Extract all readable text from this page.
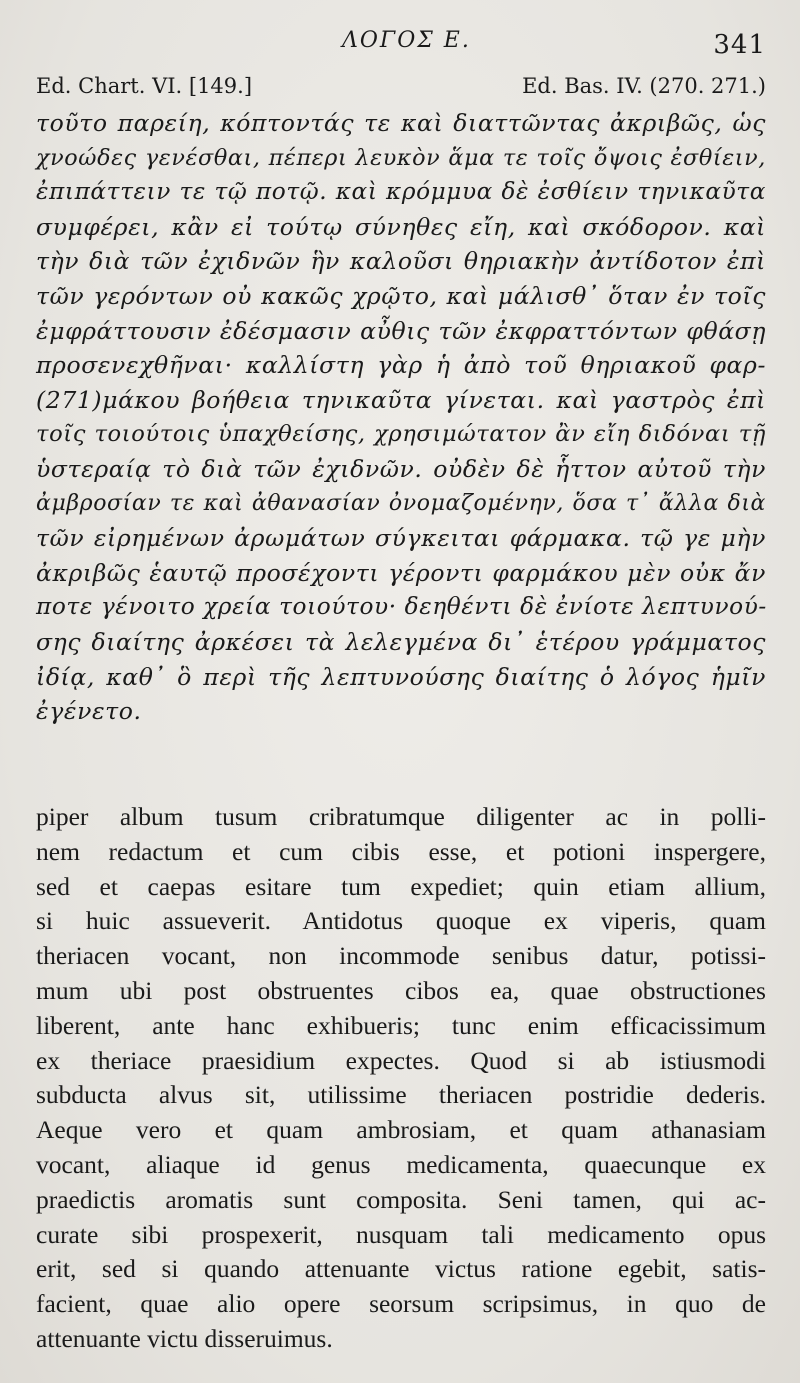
ΛΟΓΟΣ Ε.	341
Ed. Chart. VI. [149.]	Ed. Bas. IV. (270. 271.)
τοῦτο παρείη, κόπτοντάς τε καὶ διαττῶντας ἀκριβῶς, ὡς
χνοώδες γενέσθαι, πέπερι λευκὸν ἅμα τε τοῖς ὄψοις ἐσθίειν,
ἐπιπάττειν τε τῷ ποτῷ. καὶ κρόμμυα δὲ ἐσθίειν τηνικαῦτα
συμφέρει, κἂν εἰ τούτῳ σύνηθες εἴη, καὶ σκόδορον. καὶ
τὴν διὰ τῶν ἐχιδνῶν ἣν καλοῦσι θηριακὴν ἀντίδοτον ἐπὶ
τῶν γερόντων οὐ κακῶς χρῷτο, καὶ μάλισθ᾽ ὅταν ἐν τοῖς
ἐμφράττουσιν ἐδέσμασιν αὖθις τῶν ἐκφραττόντων φθάσῃ
προσενεχθῆναι· καλλίστη γὰρ ἡ ἀπὸ τοῦ θηριακοῦ φαρ-
(271)μάκου βοήθεια τηνικαῦτα γίνεται. καὶ γαστρὸς ἐπὶ
τοῖς τοιούτοις ὑπαχθείσης, χρησιμώτατον ἂν εἴη διδόναι τῇ
ὑστεραίᾳ τὸ διὰ τῶν ἐχιδνῶν. οὐδὲν δὲ ἧττον αὐτοῦ τὴν
ἀμβροσίαν τε καὶ ἀθανασίαν ὀνομαζομένην, ὅσα τ᾽ ἄλλα διὰ
τῶν εἰρημένων ἀρωμάτων σύγκειται φάρμακα. τῷ γε μὴν
ἀκριβῶς ἑαυτῷ προσέχοντι γέροντι φαρμάκου μὲν οὐκ ἄν
ποτε γένοιτο χρεία τοιούτου· δεηθέντι δὲ ἐνίοτε λεπτυνού-
σης διαίτης ἀρκέσει τὰ λελεγμένα δι᾽ ἑτέρου γράμματος
ἰδίᾳ, καθ᾽ ὃ περὶ τῆς λεπτυνούσης διαίτης ὁ λόγος ἡμῖν
ἐγένετο.
piper album tusum cribratumque diligenter ac in polli-
nem redactum et cum cibis esse, et potioni inspergere,
sed et caepas esitare tum expediet; quin etiam allium,
si huic assueverit. Antidotus quoque ex viperis, quam
theriacen vocant, non incommode senibus datur, potissi-
mum ubi post obstruentes cibos ea, quae obstructiones
liberent, ante hanc exhibueris; tunc enim efficacissimum
ex theriace praesidium expectes. Quod si ab istiusmodi
subducta alvus sit, utilissime theriacen postridie dederis.
Aeque vero et quam ambrosiam, et quam athanasiam
vocant, aliaque id genus medicamenta, quaecunque ex
praedictis aromatis sunt composita. Seni tamen, qui ac-
curate sibi prospexerit, nusquam tali medicamento opus
erit, sed si quando attenuante victus ratione egebit, satis-
facient, quae alio opere seorsum scripsimus, in quo de
attenuante victu disseruimus.
